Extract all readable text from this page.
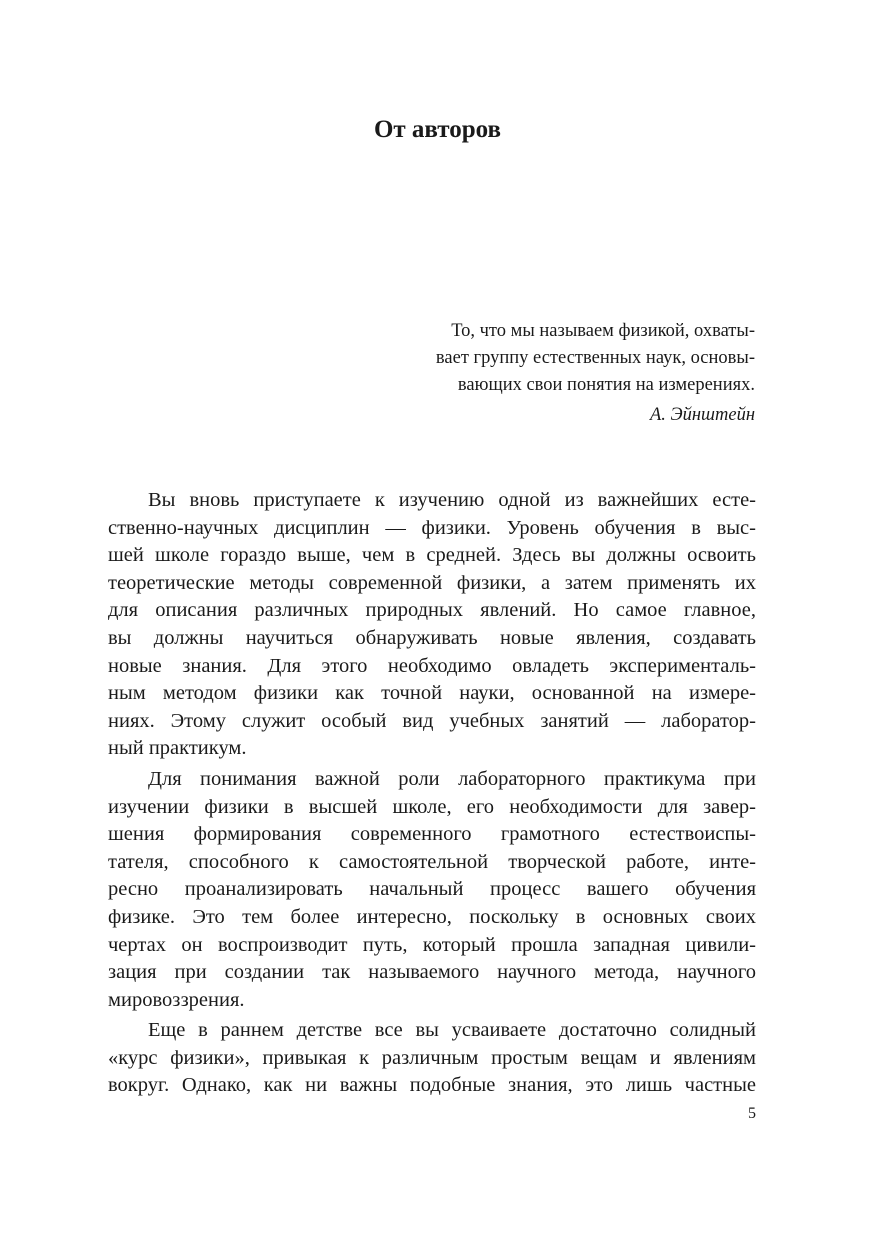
От авторов
То, что мы называем физикой, охваты-
вает группу естественных наук, основы-
вающих свои понятия на измерениях.
А. Эйнштейн
Вы вновь приступаете к изучению одной из важнейших есте-
ственно-научных дисциплин — физики. Уровень обучения в выс-
шей школе гораздо выше, чем в средней. Здесь вы должны освоить
теоретические методы современной физики, а затем применять их
для описания различных природных явлений. Но самое главное,
вы должны научиться обнаруживать новые явления, создавать
новые знания. Для этого необходимо овладеть эксперименталь-
ным методом физики как точной науки, основанной на измере-
ниях. Этому служит особый вид учебных занятий — лаборатор-
ный практикум.
Для понимания важной роли лабораторного практикума при
изучении физики в высшей школе, его необходимости для завер-
шения формирования современного грамотного естествоиспы-
тателя, способного к самостоятельной творческой работе, инте-
ресно проанализировать начальный процесс вашего обучения
физике. Это тем более интересно, поскольку в основных своих
чертах он воспроизводит путь, который прошла западная цивили-
зация при создании так называемого научного метода, научного
мировоззрения.
Еще в раннем детстве все вы усваиваете достаточно солидный
«курс физики», привыкая к различным простым вещам и явлениям
вокруг. Однако, как ни важны подобные знания, это лишь частные
5
